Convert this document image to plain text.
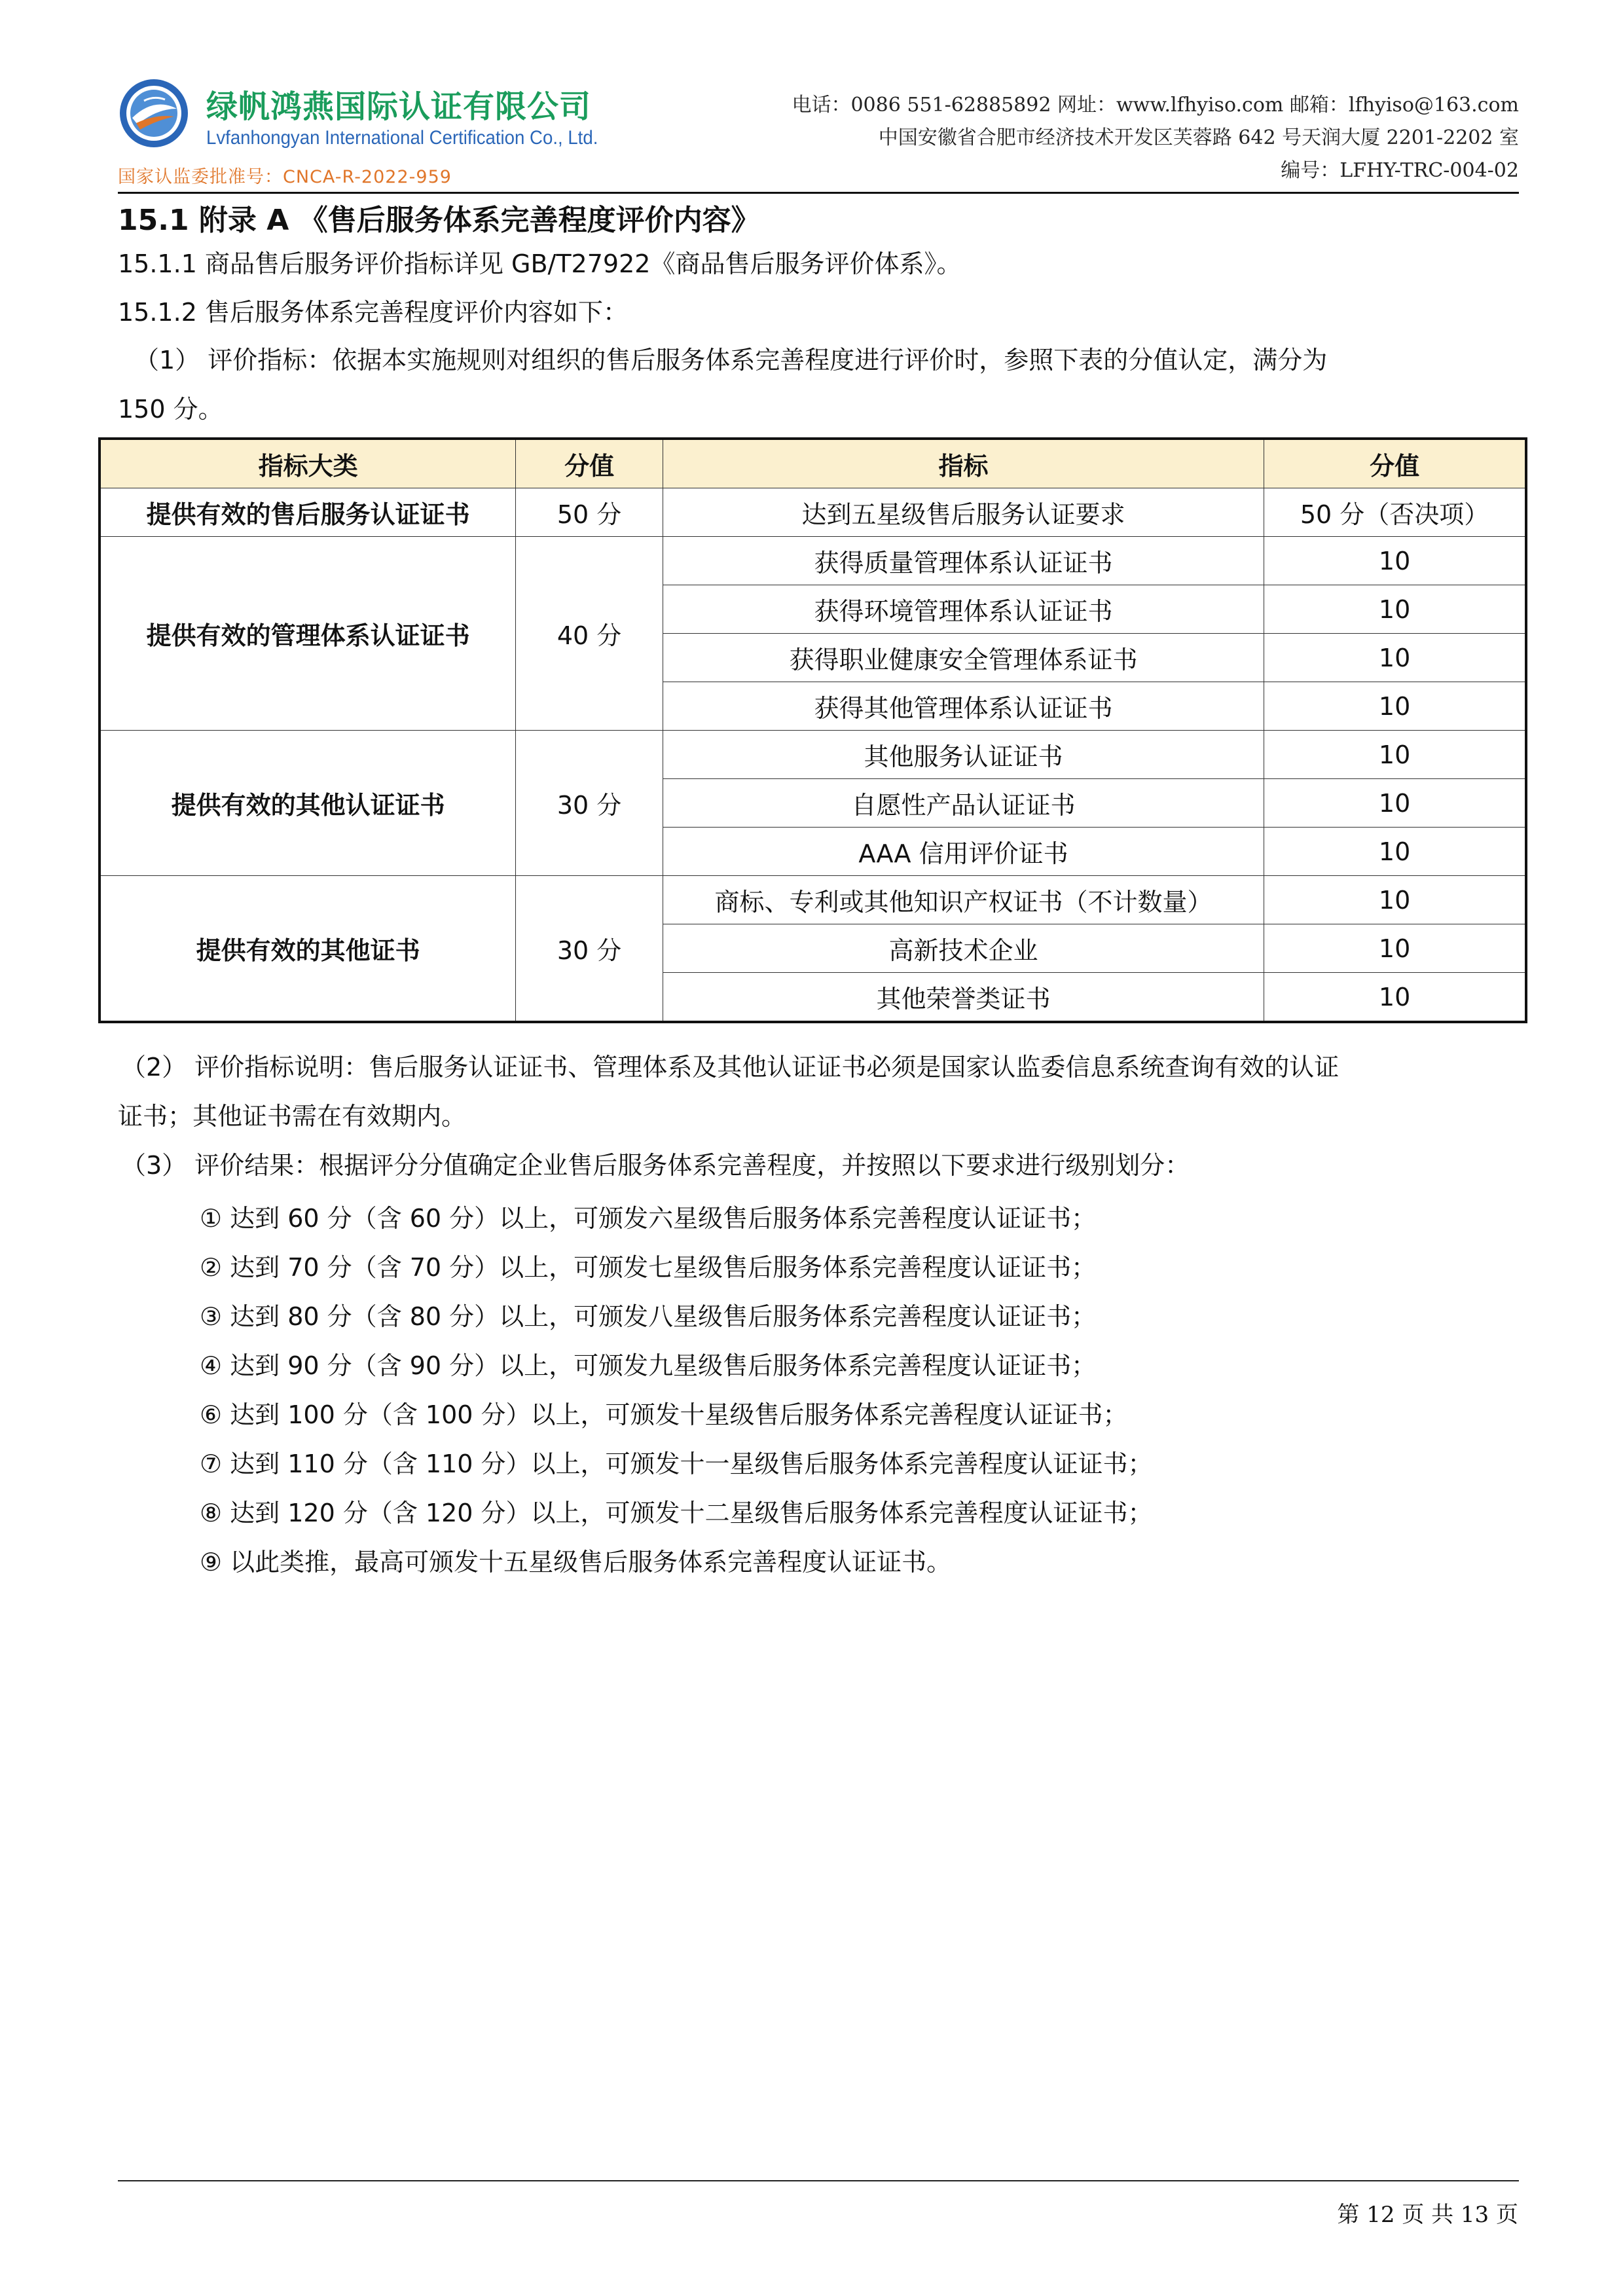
绿帆鸿燕国际认证有限公司
Lvfanhongyan International Certification Co., Ltd.
国家认监委批准号：CNCA-R-2022-959
电话：0086 551-62885892 网址：www.lfhyiso.com 邮箱：lfhyiso@163.com
中国安徽省合肥市经济技术开发区芙蓉路 642 号天润大厦 2201-2202 室
编号：LFHY-TRC-004-02
15.1 附录 A 《售后服务体系完善程度评价内容》
15.1.1 商品售后服务评价指标详见 GB/T27922《商品售后服务评价体系》。
15.1.2 售后服务体系完善程度评价内容如下：
（1） 评价指标：依据本实施规则对组织的售后服务体系完善程度进行评价时，参照下表的分值认定，满分为
150 分。
指标大类	分值	指标	分值
提供有效的售后服务认证证书	50 分	达到五星级售后服务认证要求	50 分（否决项）
提供有效的管理体系认证证书	40 分	获得质量管理体系认证证书	10
		获得环境管理体系认证证书	10
		获得职业健康安全管理体系证书	10
		获得其他管理体系认证证书	10
提供有效的其他认证证书	30 分	其他服务认证证书	10
		自愿性产品认证证书	10
		AAA 信用评价证书	10
提供有效的其他证书	30 分	商标、专利或其他知识产权证书（不计数量）	10
		高新技术企业	10
		其他荣誉类证书	10
（2） 评价指标说明：售后服务认证证书、管理体系及其他认证证书必须是国家认监委信息系统查询有效的认证
证书；其他证书需在有效期内。
（3） 评价结果：根据评分分值确定企业售后服务体系完善程度，并按照以下要求进行级别划分：
① 达到 60 分（含 60 分）以上，可颁发六星级售后服务体系完善程度认证证书；
② 达到 70 分（含 70 分）以上，可颁发七星级售后服务体系完善程度认证证书；
③ 达到 80 分（含 80 分）以上，可颁发八星级售后服务体系完善程度认证证书；
④ 达到 90 分（含 90 分）以上，可颁发九星级售后服务体系完善程度认证证书；
⑥ 达到 100 分（含 100 分）以上，可颁发十星级售后服务体系完善程度认证证书；
⑦ 达到 110 分（含 110 分）以上，可颁发十一星级售后服务体系完善程度认证证书；
⑧ 达到 120 分（含 120 分）以上，可颁发十二星级售后服务体系完善程度认证证书；
⑨ 以此类推，最高可颁发十五星级售后服务体系完善程度认证证书。
第 12 页 共 13 页
